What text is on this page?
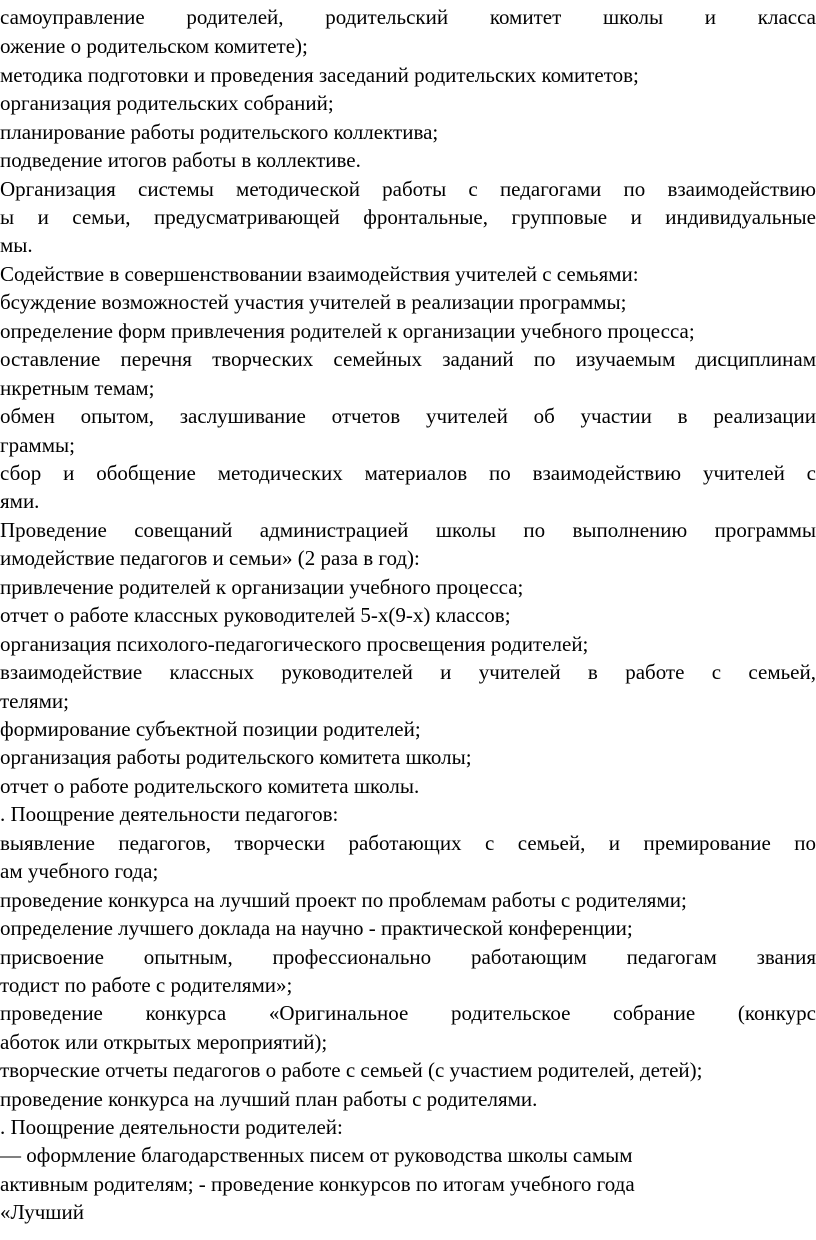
самоуправление родителей, родительский комитет школы и класса
ожение о родительском комитете);
методика подготовки и проведения заседаний родительских комитетов;
организация родительских собраний;
планирование работы родительского коллектива;
подведение итогов работы в коллективе.
Организация системы методической работы с педагогами по взаимодействию
ы и семьи, предусматривающей фронтальные, групповые и индивидуальные
мы.
Содействие в совершенствовании взаимодействия учителей с семьями:
бсуждение возможностей участия учителей в реализации программы;
определение форм привлечения родителей к организации учебного процесса;
оставление перечня творческих семейных заданий по изучаемым дисциплинам
нкретным темам;
обмен опытом, заслушивание отчетов учителей об участии в реализации
граммы;
сбор и обобщение методических материалов по взаимодействию учителей с
ями.
Проведение совещаний администрацией школы по выполнению программы
имодействие педагогов и семьи» (2 раза в год):
привлечение родителей к организации учебного процесса;
отчет о работе классных руководителей 5-х(9-х) классов;
организация психолого-педагогического просвещения родителей;
взаимодействие классных руководителей и учителей в работе с семьей,
телями;
формирование субъектной позиции родителей;
организация работы родительского комитета школы;
отчет о работе родительского комитета школы.
. Поощрение деятельности педагогов:
выявление педагогов, творчески работающих с семьей, и премирование по
ам учебного года;
проведение конкурса на лучший проект по проблемам работы с родителями;
определение лучшего доклада на научно - практической конференции;
присвоение опытным, профессионально работающим педагогам звания
тодист по работе с родителями»;
проведение конкурса «Оригинальное родительское собрание (конкурс
аботок или открытых мероприятий);
творческие отчеты педагогов о работе с семьей (с участием родителей, детей);
проведение конкурса на лучший план работы с родителями.
. Поощрение деятельности родителей:
— оформление благодарственных писем от руководства школы самым
активным родителям; - проведение конкурсов по итогам учебного года
«Лучший
